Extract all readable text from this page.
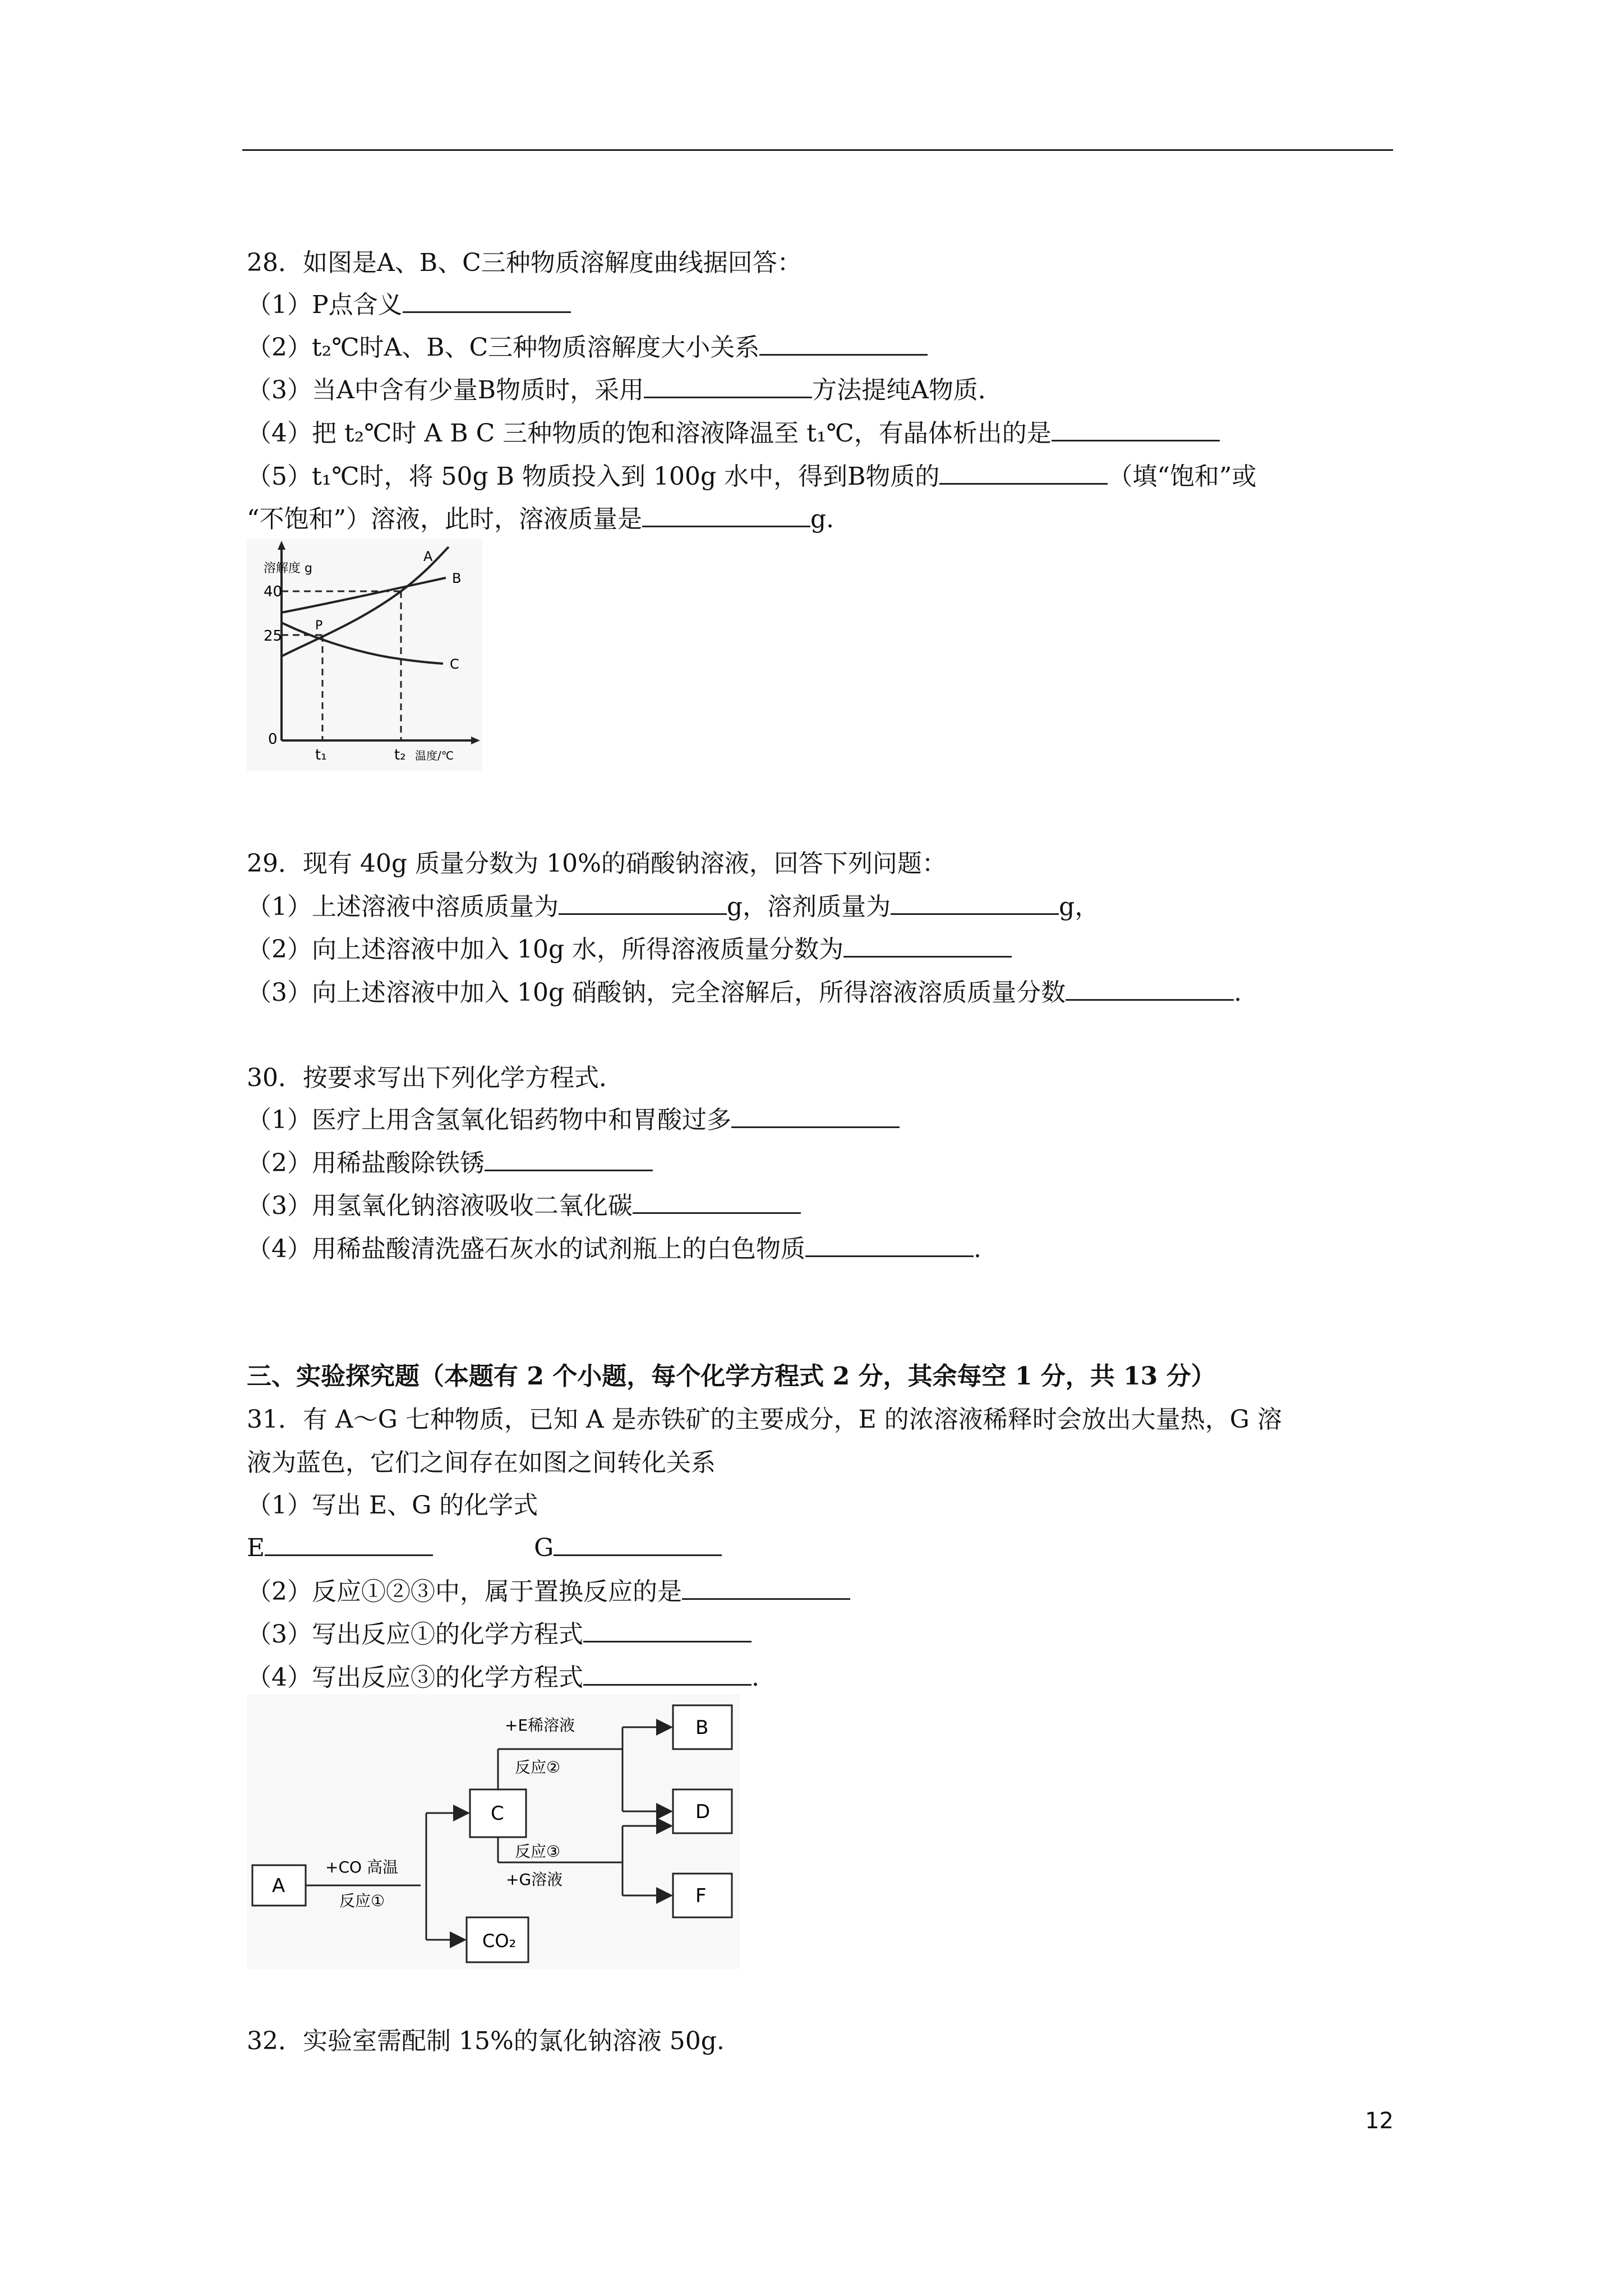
28．如图是A、B、C三种物质溶解度曲线据回答：
（1）P点含义
（2）t₂℃时A、B、C三种物质溶解度大小关系
（3）当A中含有少量B物质时，采用	方法提纯A物质．
（4）把 t₂℃时 A B C 三种物质的饱和溶液降温至 t₁℃，有晶体析出的是
（5）t₁℃时，将 50g B 物质投入到 100g 水中，得到B物质的	（填“饱和”或
“不饱和”）溶液，此时，溶液质量是	g.
溶解度 g
40
25
0
A
B
C
P
t₁	t₂ 温度/℃
29．现有 40g 质量分数为 10%的硝酸钠溶液，回答下列问题：
（1）上述溶液中溶质质量为	g，溶剂质量为	g，
（2）向上述溶液中加入 10g 水，所得溶液质量分数为
（3）向上述溶液中加入 10g 硝酸钠，完全溶解后，所得溶液溶质质量分数	.
30．按要求写出下列化学方程式．
（1）医疗上用含氢氧化铝药物中和胃酸过多
（2）用稀盐酸除铁锈
（3）用氢氧化钠溶液吸收二氧化碳
（4）用稀盐酸清洗盛石灰水的试剂瓶上的白色物质	.
三、实验探究题（本题有 2 个小题，每个化学方程式 2 分，其余每空 1 分，共 13 分）
31．有 A～G 七种物质，已知 A 是赤铁矿的主要成分，E 的浓溶液稀释时会放出大量热，G 溶
液为蓝色，它们之间存在如图之间转化关系
（1）写出 E、G 的化学式
E	G
（2）反应①②③中，属于置换反应的是
（3）写出反应①的化学方程式
（4）写出反应③的化学方程式	.
A
C
CO₂
B
D
F
+CO 高温
反应①
+E稀溶液
反应②
反应③
+G溶液
32．实验室需配制 15%的氯化钠溶液 50g.
12
